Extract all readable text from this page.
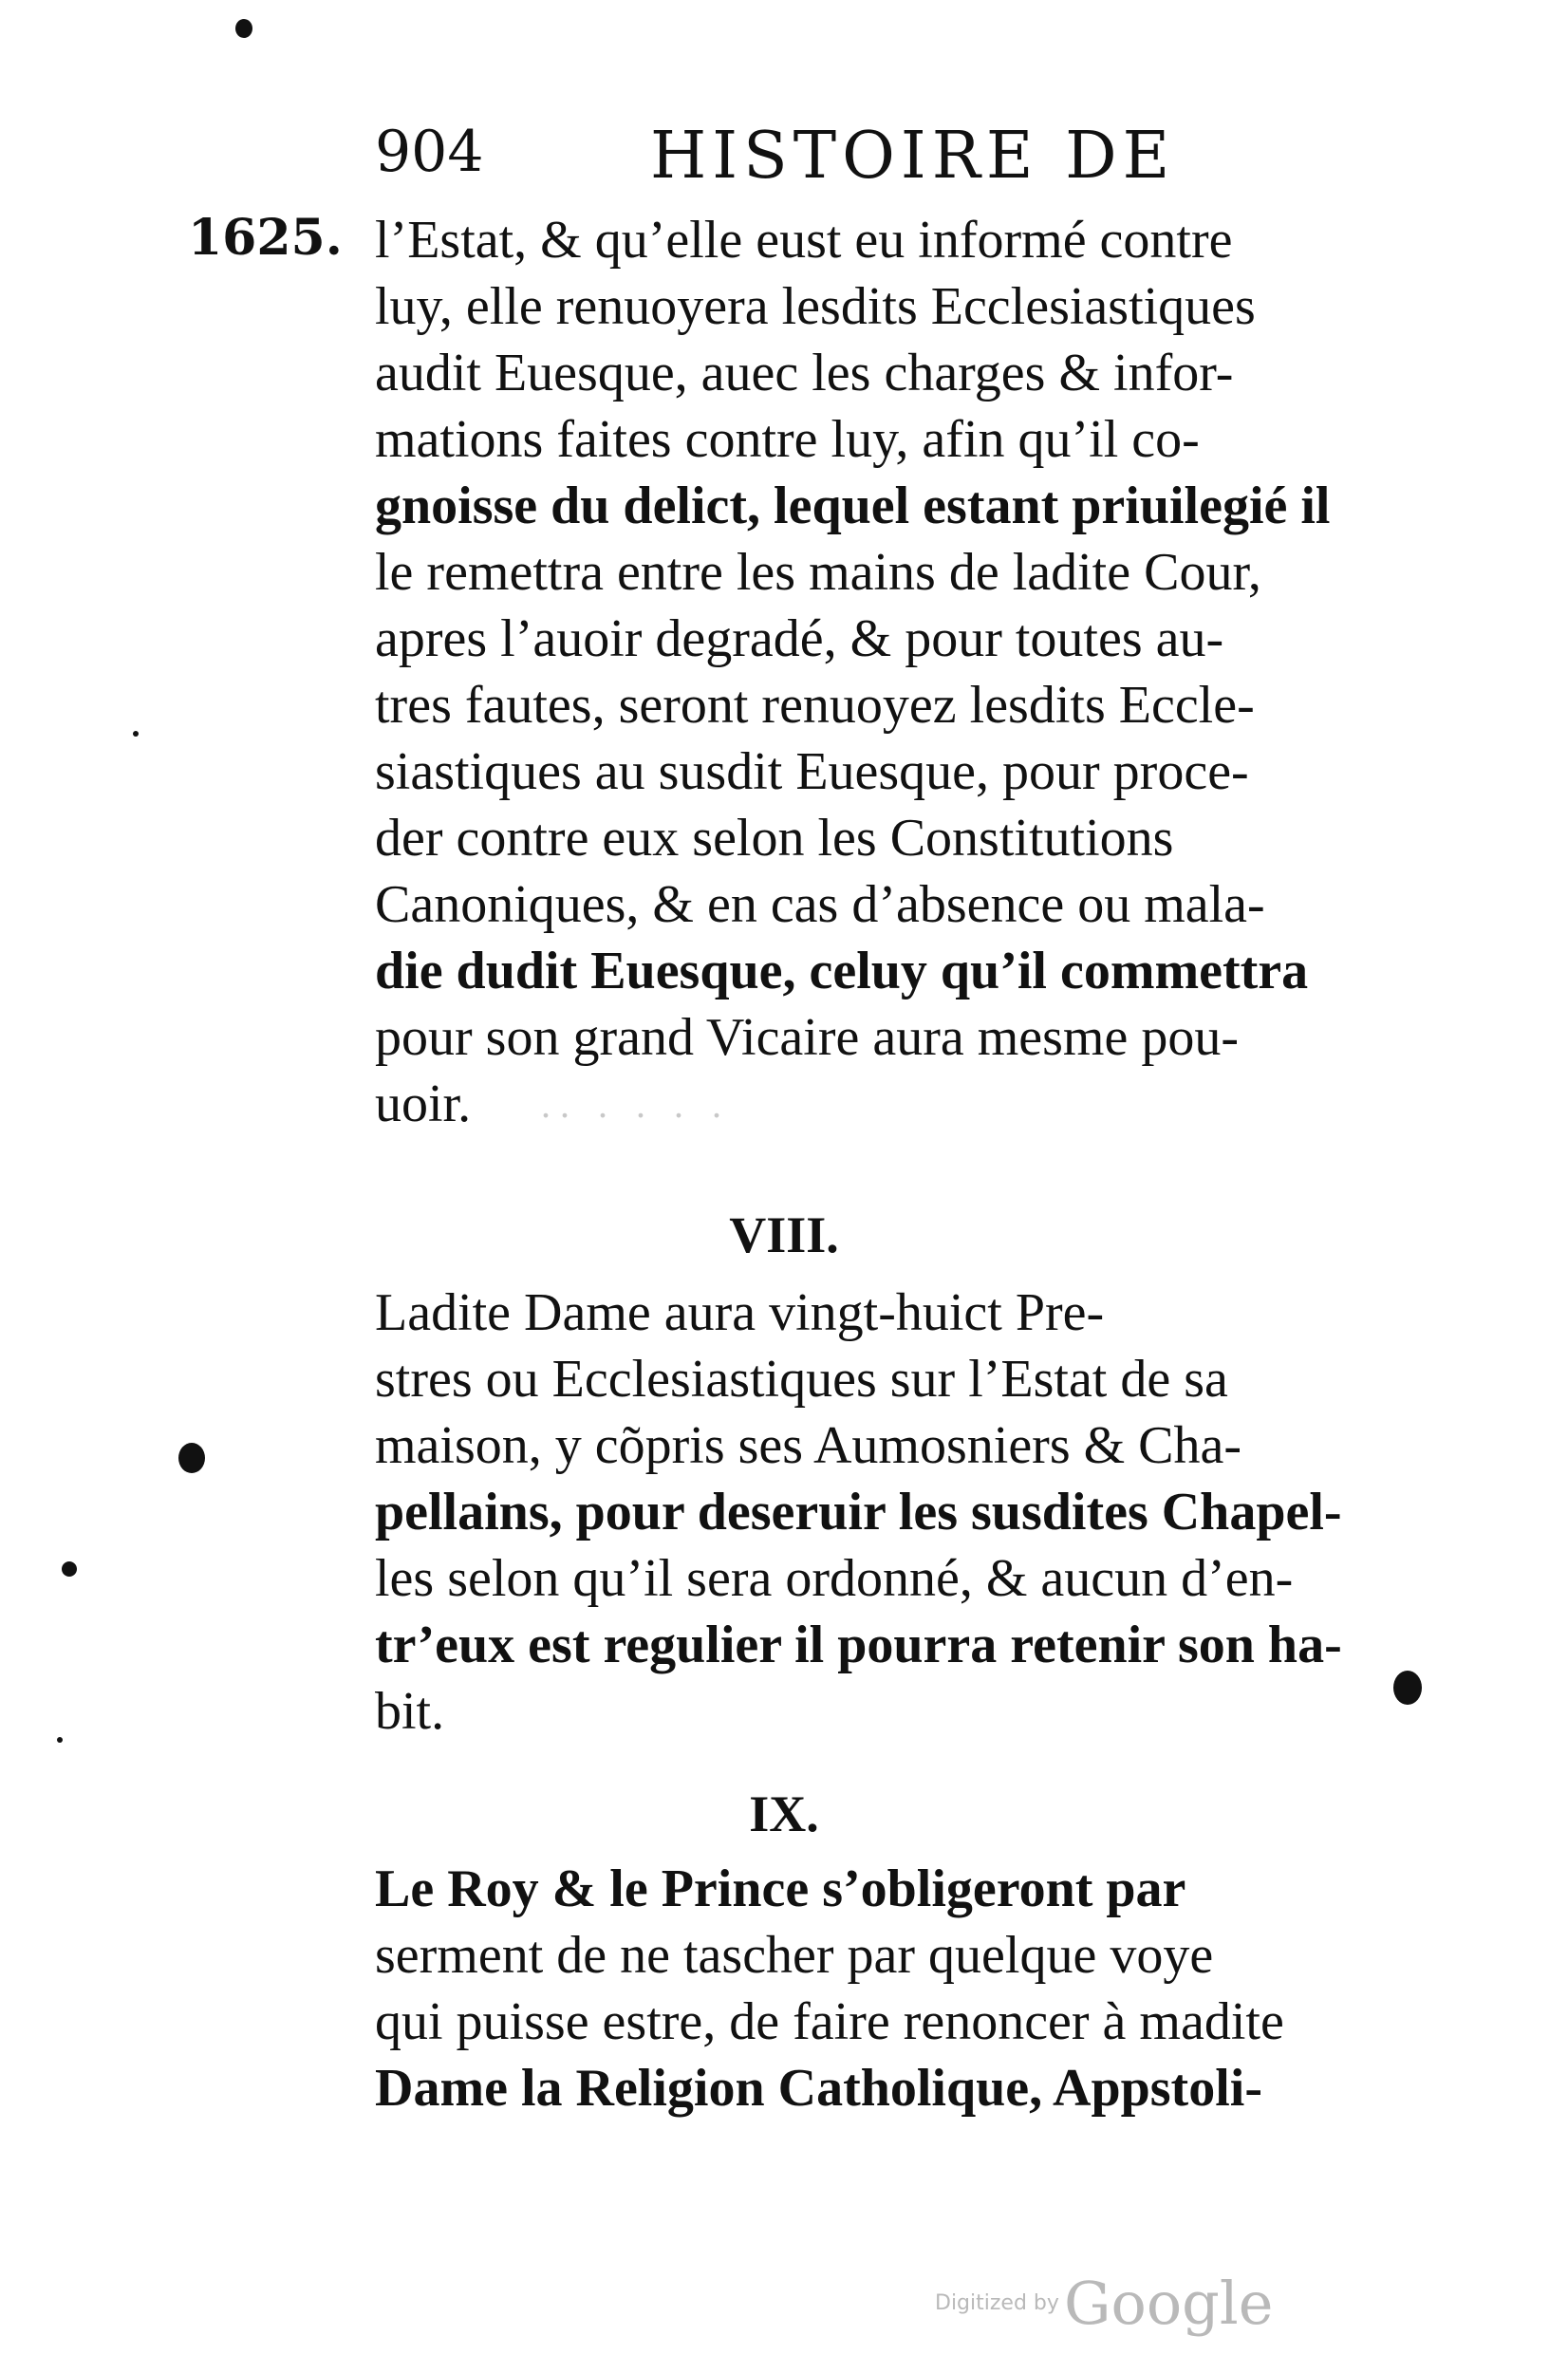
904	HISTOIRE DE
1625. l’Estat, & qu’elle eust eu informé contre
luy, elle renuoyera lesdits Ecclesiastiques
audit Euesque, auec les charges & infor-
mations faites contre luy, afin qu’il co-
gnoisse du delict, lequel estant priuilegié il
le remettra entre les mains de ladite Cour,
apres l’auoir degradé, & pour toutes au-
tres fautes, seront renuoyez lesdits Eccle-
siastiques au susdit Euesque, pour proce-
der contre eux selon les Constitutions
Canoniques, & en cas d’absence ou mala-
die dudit Euesque, celuy qu’il commettra
pour son grand Vicaire aura mesme pou-
uoir.	. .   .   .   .   .
VIII.
Ladite Dame aura vingt-huict Pre-
stres ou Ecclesiastiques sur l’Estat de sa
maison, y cõpris ses Aumosniers & Cha-
pellains, pour deseruir les susdites Chapel-
les selon qu’il sera ordonné, & aucun d’en-
tr’eux est regulier il pourra retenir son ha-
bit.
IX.
Le Roy & le Prince s’obligeront par
serment de ne tascher par quelque voye
qui puisse estre, de faire renoncer à madite
Dame la Religion Catholique, Appstoli-
Digitized by Google
